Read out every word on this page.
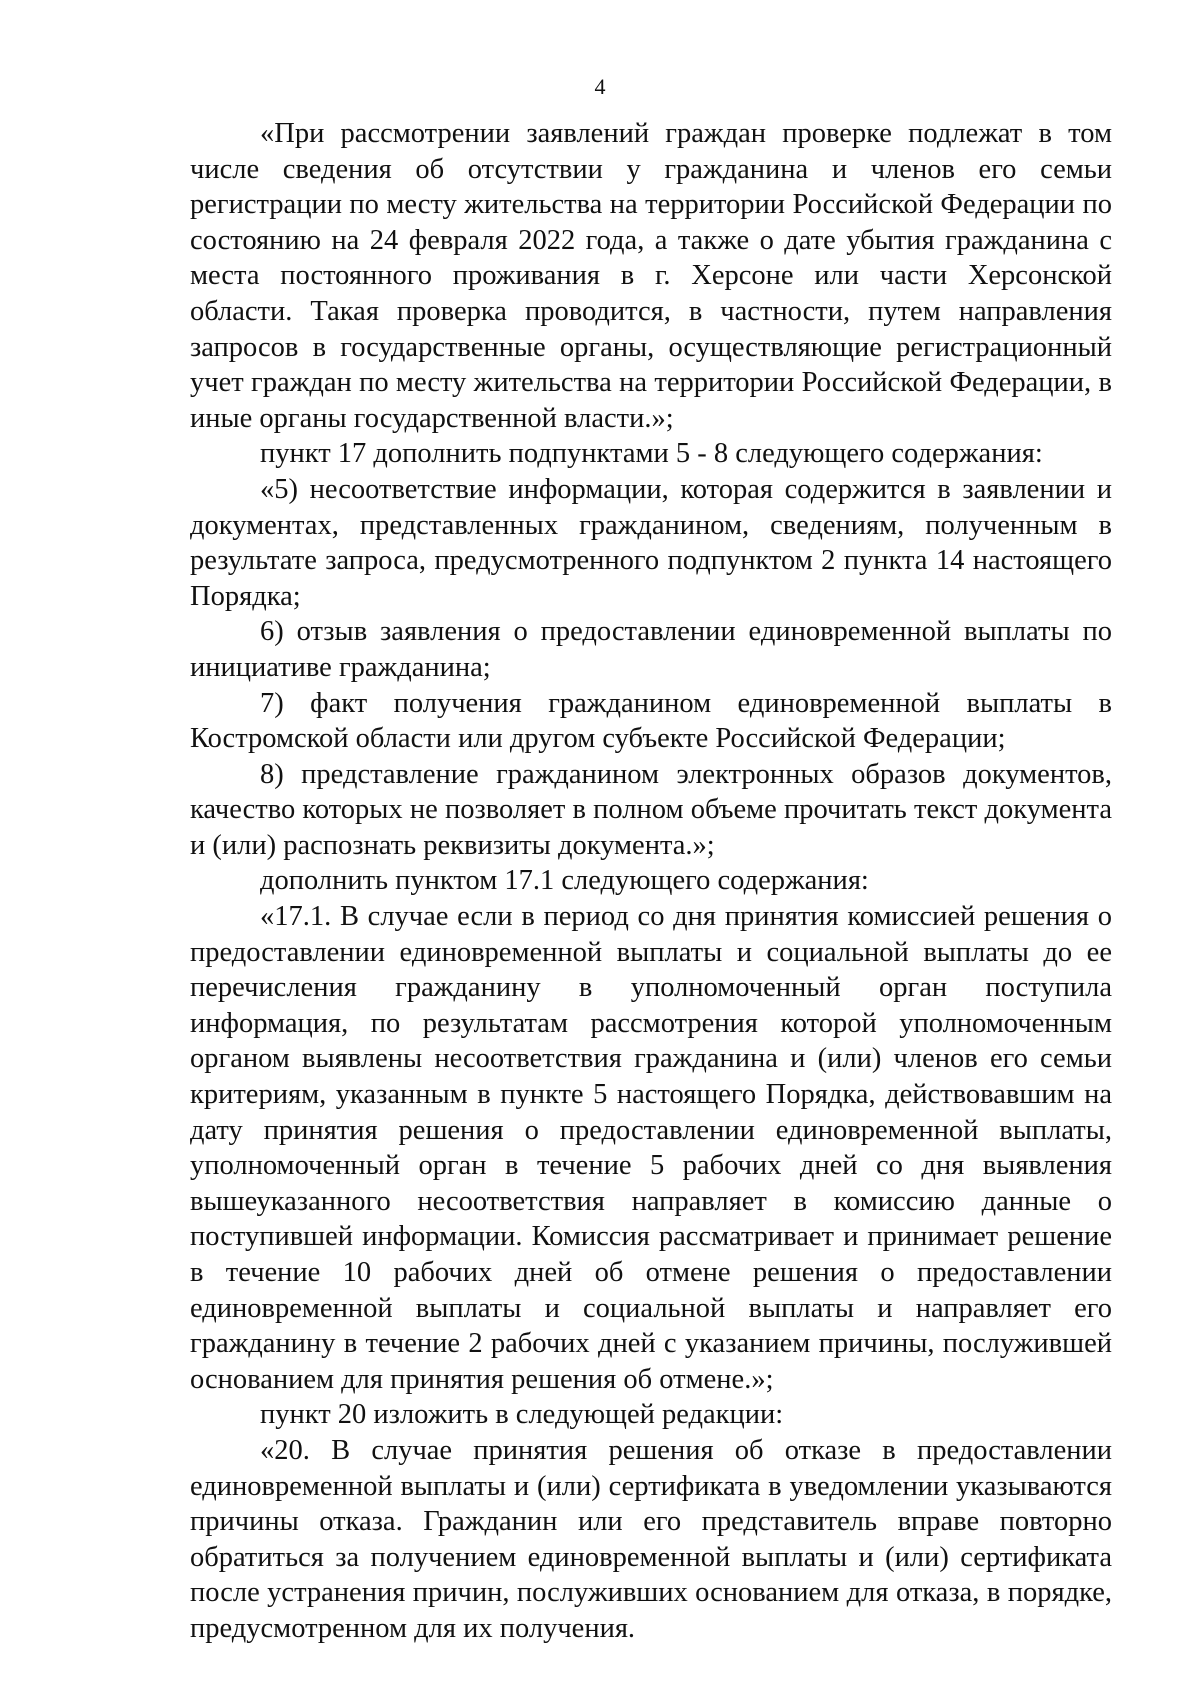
4

«При рассмотрении заявлений граждан проверке подлежат в том числе сведения об отсутствии у гражданина и членов его семьи регистрации по месту жительства на территории Российской Федерации по состоянию на 24 февраля 2022 года, а также о дате убытия гражданина с места постоянного проживания в г. Херсоне или части Херсонской области. Такая проверка проводится, в частности, путем направления запросов в государственные органы, осуществляющие регистрационный учет граждан по месту жительства на территории Российской Федерации, в иные органы государственной власти.»;

пункт 17 дополнить подпунктами 5 - 8 следующего содержания:

«5) несоответствие информации, которая содержится в заявлении и документах, представленных гражданином, сведениям, полученным в результате запроса, предусмотренного подпунктом 2 пункта 14 настоящего Порядка;

6) отзыв заявления о предоставлении единовременной выплаты по инициативе гражданина;

7) факт получения гражданином единовременной выплаты в Костромской области или другом субъекте Российской Федерации;

8) представление гражданином электронных образов документов, качество которых не позволяет в полном объеме прочитать текст документа и (или) распознать реквизиты документа.»;

дополнить пунктом 17.1 следующего содержания:

«17.1. В случае если в период со дня принятия комиссией решения о предоставлении единовременной выплаты и социальной выплаты до ее перечисления гражданину в уполномоченный орган поступила информация, по результатам рассмотрения которой уполномоченным органом выявлены несоответствия гражданина и (или) членов его семьи критериям, указанным в пункте 5 настоящего Порядка, действовавшим на дату принятия решения о предоставлении единовременной выплаты, уполномоченный орган в течение 5 рабочих дней со дня выявления вышеуказанного несоответствия направляет в комиссию данные о поступившей информации. Комиссия рассматривает и принимает решение в течение 10 рабочих дней об отмене решения о предоставлении единовременной выплаты и социальной выплаты и направляет его гражданину в течение 2 рабочих дней с указанием причины, послужившей основанием для принятия решения об отмене.»;

пункт 20 изложить в следующей редакции:

«20. В случае принятия решения об отказе в предоставлении единовременной выплаты и (или) сертификата в уведомлении указываются причины отказа. Гражданин или его представитель вправе повторно обратиться за получением единовременной выплаты и (или) сертификата после устранения причин, послуживших основанием для отказа, в порядке, предусмотренном для их получения.
